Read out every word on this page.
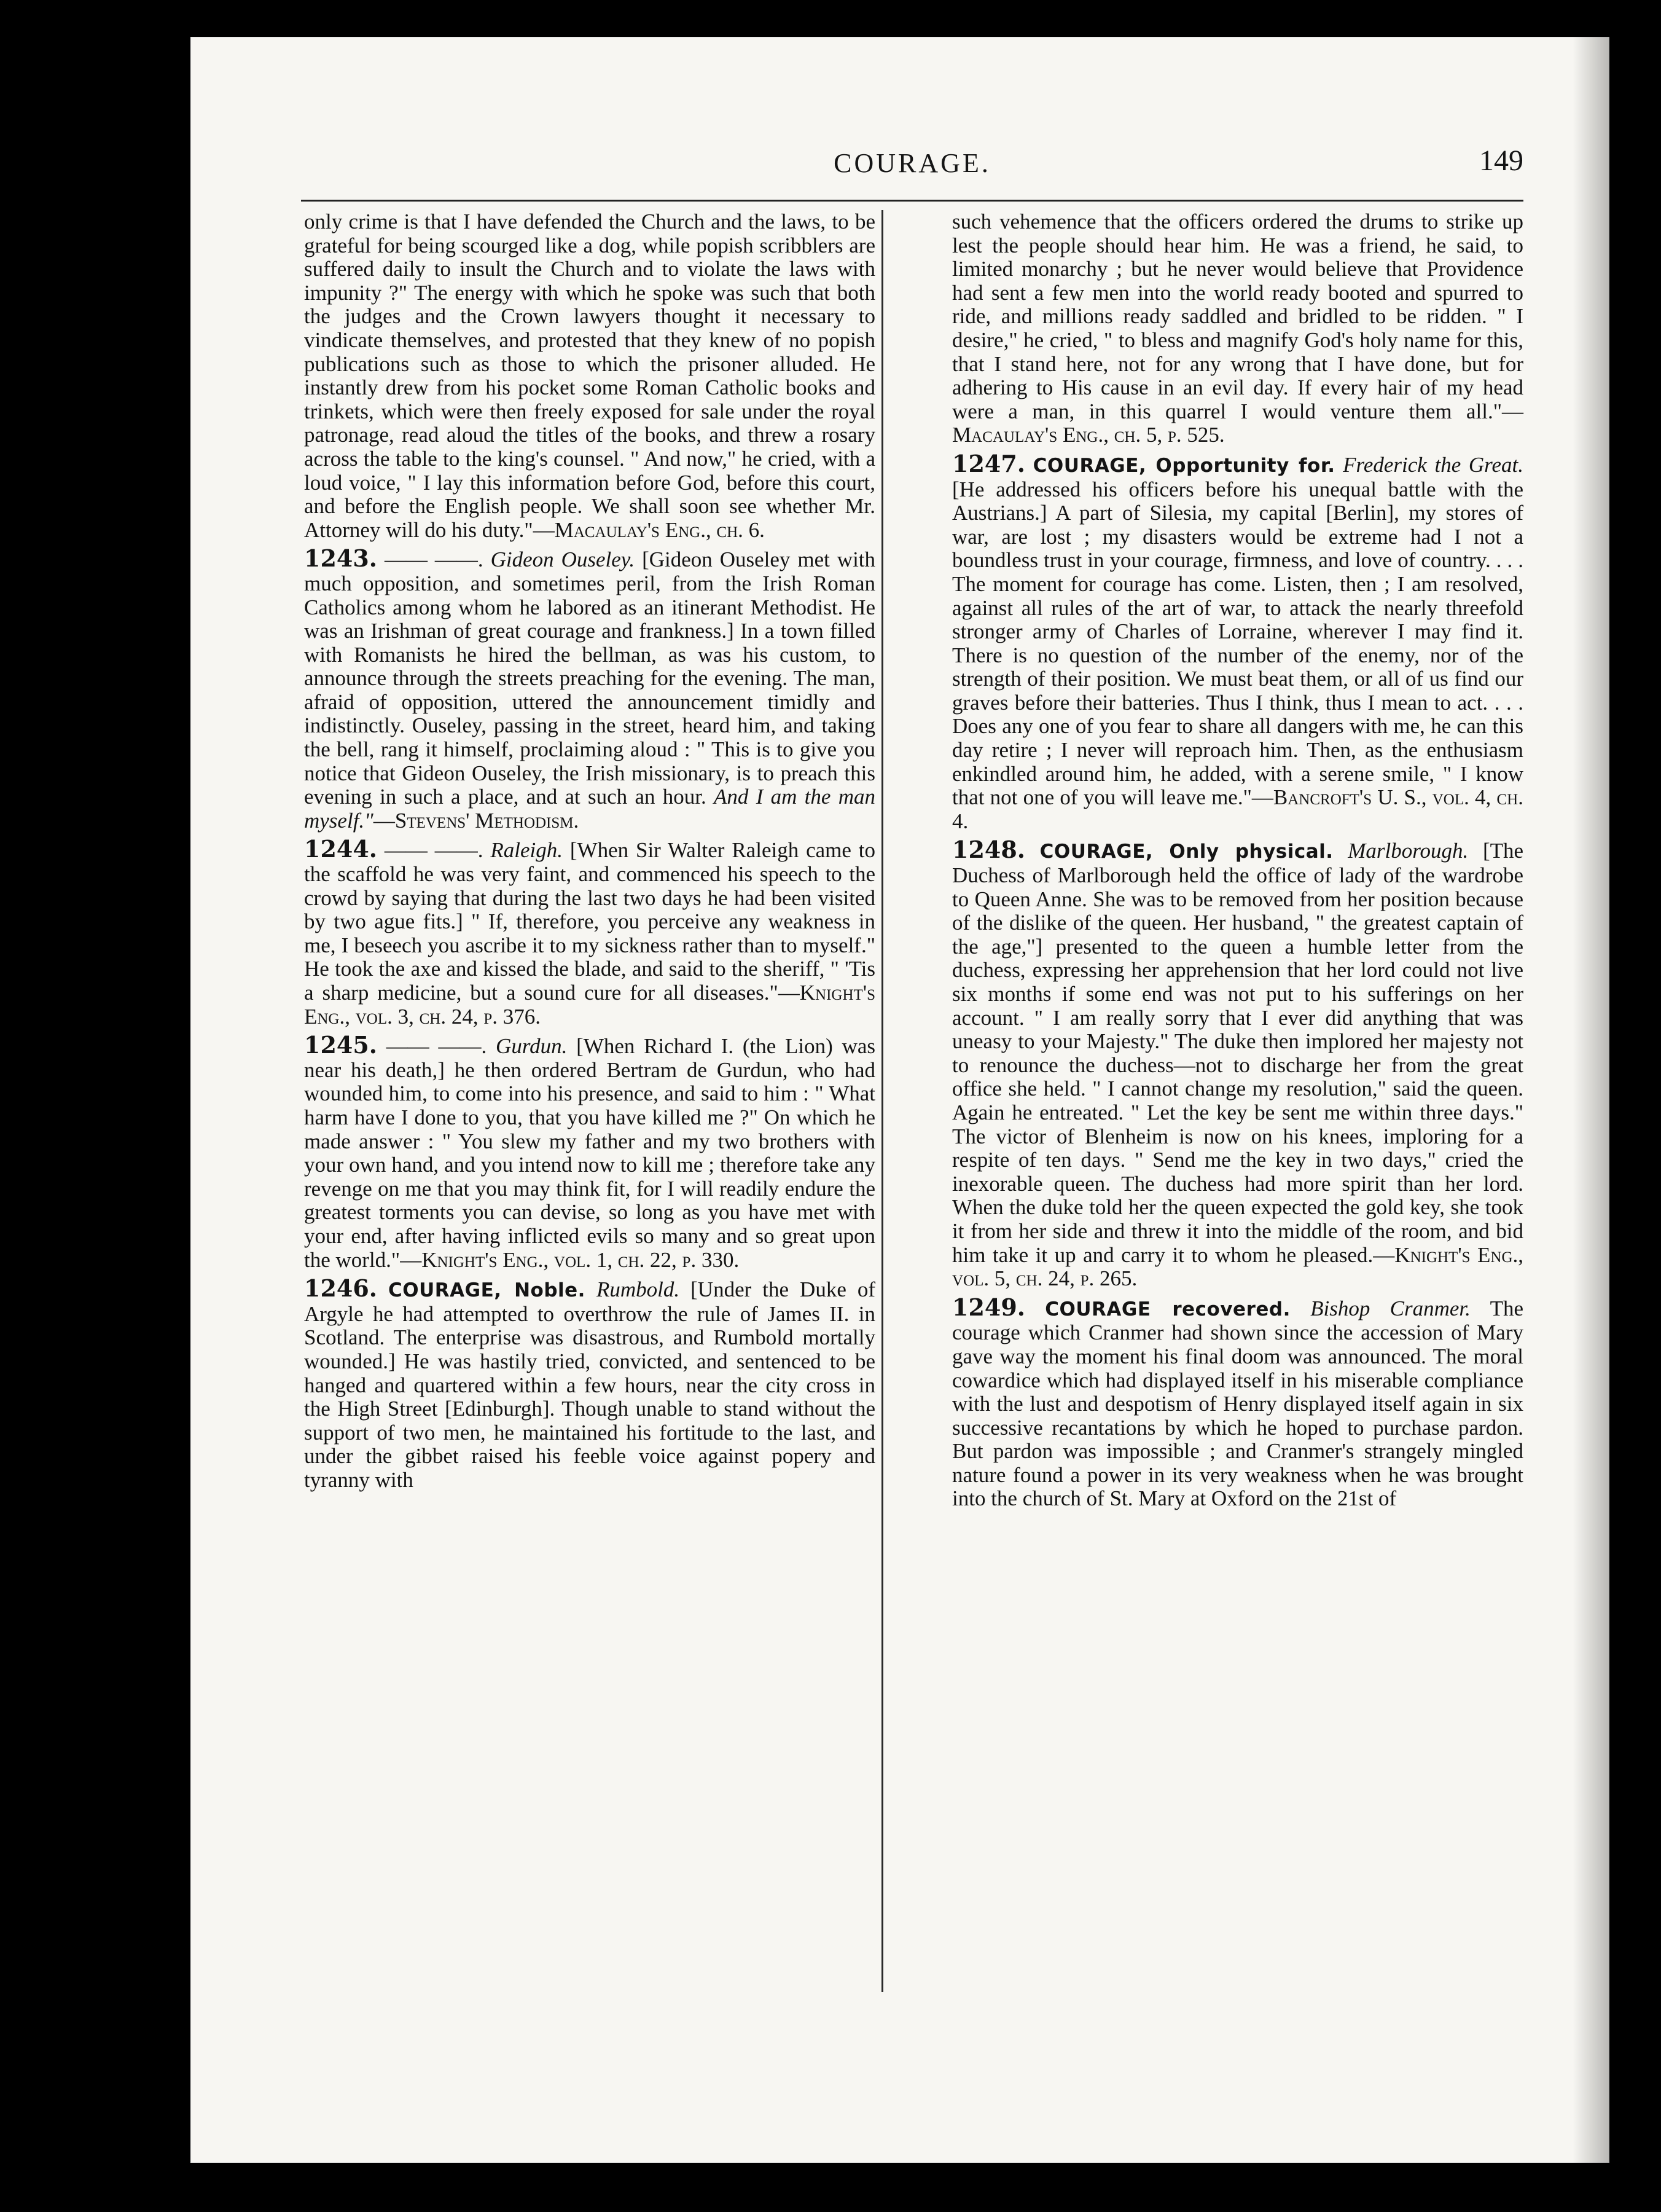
COURAGE.	149

only crime is that I have defended the Church and the laws, to be grateful for being scourged like a dog, while popish scribblers are suffered daily to insult the Church and to violate the laws with impunity ?" The energy with which he spoke was such that both the judges and the Crown lawyers thought it necessary to vindicate themselves, and protested that they knew of no popish publications such as those to which the prisoner alluded. He instantly drew from his pocket some Roman Catholic books and trinkets, which were then freely exposed for sale under the royal patronage, read aloud the titles of the books, and threw a rosary across the table to the king's counsel. " And now," he cried, with a loud voice, " I lay this information before God, before this court, and before the English people. We shall soon see whether Mr. Attorney will do his duty."—Macaulay's Eng., ch. 6.

1243. —— ——. Gideon Ouseley. [Gideon Ouseley met with much opposition, and sometimes peril, from the Irish Roman Catholics among whom he labored as an itinerant Methodist. He was an Irishman of great courage and frankness.] In a town filled with Romanists he hired the bellman, as was his custom, to announce through the streets preaching for the evening. The man, afraid of opposition, uttered the announcement timidly and indistinctly. Ouseley, passing in the street, heard him, and taking the bell, rang it himself, proclaiming aloud : " This is to give you notice that Gideon Ouseley, the Irish missionary, is to preach this evening in such a place, and at such an hour. And I am the man myself."—Stevens' Methodism.

1244. —— ——. Raleigh. [When Sir Walter Raleigh came to the scaffold he was very faint, and commenced his speech to the crowd by saying that during the last two days he had been visited by two ague fits.] " If, therefore, you perceive any weakness in me, I beseech you ascribe it to my sickness rather than to myself." He took the axe and kissed the blade, and said to the sheriff, " 'Tis a sharp medicine, but a sound cure for all diseases."—Knight's Eng., vol. 3, ch. 24, p. 376.

1245. —— ——. Gurdun. [When Richard I. (the Lion) was near his death,] he then ordered Bertram de Gurdun, who had wounded him, to come into his presence, and said to him : " What harm have I done to you, that you have killed me ?" On which he made answer : " You slew my father and my two brothers with your own hand, and you intend now to kill me ; therefore take any revenge on me that you may think fit, for I will readily endure the greatest torments you can devise, so long as you have met with your end, after having inflicted evils so many and so great upon the world."—Knight's Eng., vol. 1, ch. 22, p. 330.

1246. COURAGE, Noble. Rumbold. [Under the Duke of Argyle he had attempted to overthrow the rule of James II. in Scotland. The enterprise was disastrous, and Rumbold mortally wounded.] He was hastily tried, convicted, and sentenced to be hanged and quartered within a few hours, near the city cross in the High Street [Edinburgh]. Though unable to stand without the support of two men, he maintained his fortitude to the last, and under the gibbet raised his feeble voice against popery and tyranny with

such vehemence that the officers ordered the drums to strike up lest the people should hear him. He was a friend, he said, to limited monarchy ; but he never would believe that Providence had sent a few men into the world ready booted and spurred to ride, and millions ready saddled and bridled to be ridden. " I desire," he cried, " to bless and magnify God's holy name for this, that I stand here, not for any wrong that I have done, but for adhering to His cause in an evil day. If every hair of my head were a man, in this quarrel I would venture them all."—Macaulay's Eng., ch. 5, p. 525.

1247. COURAGE, Opportunity for. Frederick the Great. [He addressed his officers before his unequal battle with the Austrians.] A part of Silesia, my capital [Berlin], my stores of war, are lost ; my disasters would be extreme had I not a boundless trust in your courage, firmness, and love of country. . . . The moment for courage has come. Listen, then ; I am resolved, against all rules of the art of war, to attack the nearly threefold stronger army of Charles of Lorraine, wherever I may find it. There is no question of the number of the enemy, nor of the strength of their position. We must beat them, or all of us find our graves before their batteries. Thus I think, thus I mean to act. . . . Does any one of you fear to share all dangers with me, he can this day retire ; I never will reproach him. Then, as the enthusiasm enkindled around him, he added, with a serene smile, " I know that not one of you will leave me."—Bancroft's U. S., vol. 4, ch. 4.

1248. COURAGE, Only physical. Marlborough. [The Duchess of Marlborough held the office of lady of the wardrobe to Queen Anne. She was to be removed from her position because of the dislike of the queen. Her husband, " the greatest captain of the age,"] presented to the queen a humble letter from the duchess, expressing her apprehension that her lord could not live six months if some end was not put to his sufferings on her account. " I am really sorry that I ever did anything that was uneasy to your Majesty." The duke then implored her majesty not to renounce the duchess—not to discharge her from the great office she held. " I cannot change my resolution," said the queen. Again he entreated. " Let the key be sent me within three days." The victor of Blenheim is now on his knees, imploring for a respite of ten days. " Send me the key in two days," cried the inexorable queen. The duchess had more spirit than her lord. When the duke told her the queen expected the gold key, she took it from her side and threw it into the middle of the room, and bid him take it up and carry it to whom he pleased.—Knight's Eng., vol. 5, ch. 24, p. 265.

1249. COURAGE recovered. Bishop Cranmer. The courage which Cranmer had shown since the accession of Mary gave way the moment his final doom was announced. The moral cowardice which had displayed itself in his miserable compliance with the lust and despotism of Henry displayed itself again in six successive recantations by which he hoped to purchase pardon. But pardon was impossible ; and Cranmer's strangely mingled nature found a power in its very weakness when he was brought into the church of St. Mary at Oxford on the 21st of
